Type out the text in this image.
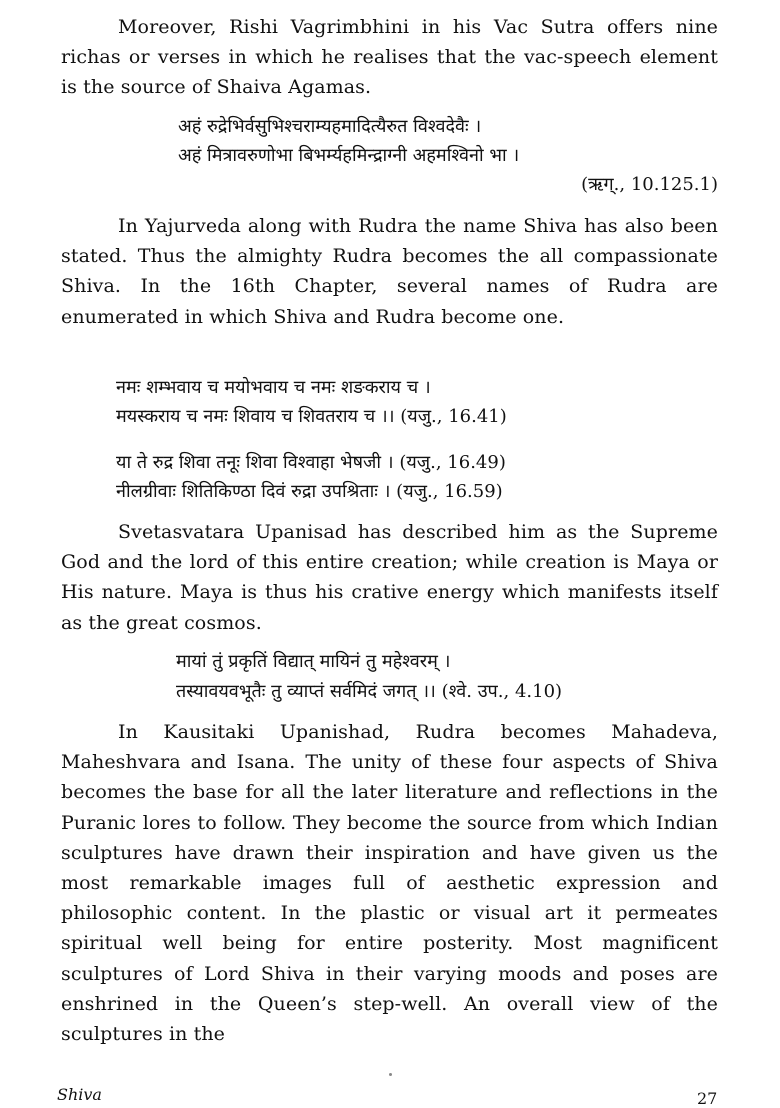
Moreover, Rishi Vagrimbhini in his Vac Sutra offers nine richas or verses in which he realises that the vac-speech element is the source of Shaiva Agamas.

अहं रुद्रेभिर्वसुभिश्चराम्यहमादित्यैरुत विश्वदेवैः ।
अहं मित्रावरुणोभा बिभर्म्यहमिन्द्राग्नी अहमश्विनो भा ।
(ऋग्., 10.125.1)

In Yajurveda along with Rudra the name Shiva has also been stated. Thus the almighty Rudra becomes the all compassionate Shiva. In the 16th Chapter, several names of Rudra are enumerated in which Shiva and Rudra become one.

नमः शम्भवाय च मयोभवाय च नमः शङकराय च ।
मयस्कराय च नमः शिवाय च शिवतराय च ।। (यजु., 16.41)
या ते रुद्र शिवा तनूः शिवा विश्वाहा भेषजी । (यजु., 16.49)
नीलग्रीवाः शितिकिण्ठा दिवं रुद्रा उपश्रिताः । (यजु., 16.59)

Svetasvatara Upanisad has described him as the Supreme God and the lord of this entire creation; while creation is Maya or His nature. Maya is thus his crative energy which manifests itself as the great cosmos.

मायां तुं प्रकृतिं विद्यात् मायिनं तु महेश्वरम् ।
तस्यावयवभूतैः तु व्याप्तं सर्वमिदं जगत् ।। (श्वे. उप., 4.10)

In Kausitaki Upanishad, Rudra becomes Mahadeva, Maheshvara and Isana. The unity of these four aspects of Shiva becomes the base for all the later literature and reflections in the Puranic lores to follow. They become the source from which Indian sculptures have drawn their inspiration and have given us the most remarkable images full of aesthetic expression and philosophic content. In the plastic or visual art it permeates spiritual well being for entire posterity. Most magnificent sculptures of Lord Shiva in their varying moods and poses are enshrined in the Queen’s step-well. An overall view of the sculptures in the

Shiva	27
